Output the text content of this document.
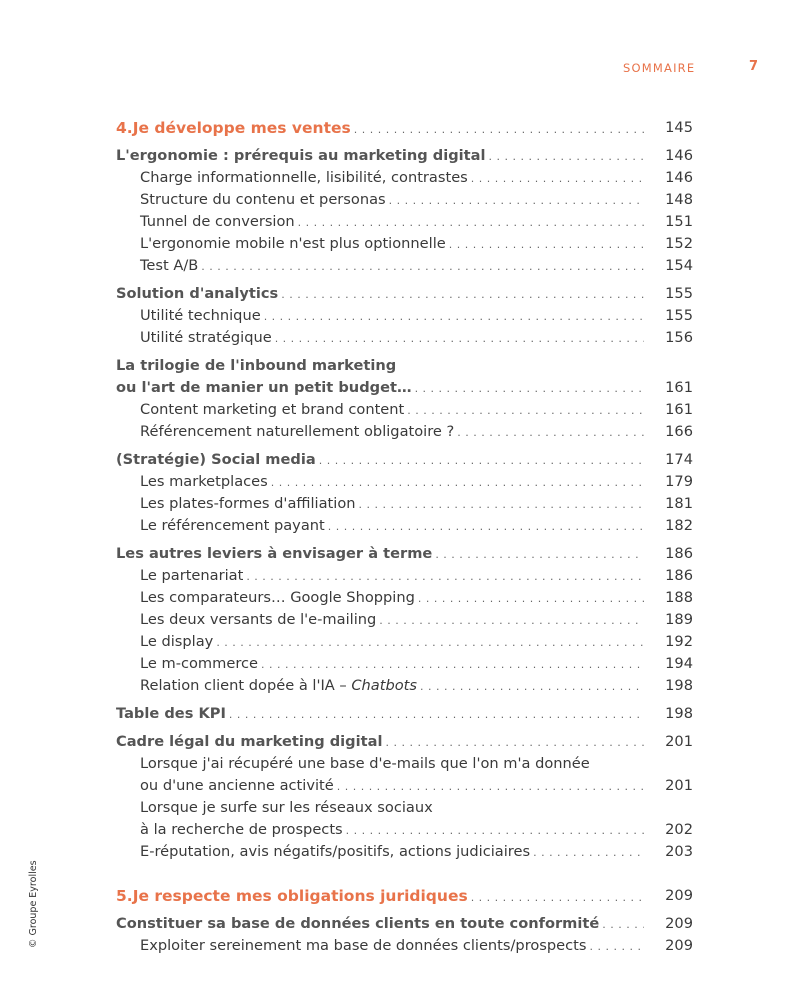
SOMMAIRE	7
4. Je développe mes ventes . . .	145
L'ergonomie : prérequis au marketing digital . . .	146
Charge informationnelle, lisibilité, contrastes . . .	146
Structure du contenu et personas . . .	148
Tunnel de conversion . . .	151
L'ergonomie mobile n'est plus optionnelle . . .	152
Test A/B . . .	154
Solution d'analytics . . .	155
Utilité technique . . .	155
Utilité stratégique . . .	156
La trilogie de l'inbound marketing
ou l'art de manier un petit budget… . . .	161
Content marketing et brand content . . .	161
Référencement naturellement obligatoire ? . . .	166
(Stratégie) Social media . . .	174
Les marketplaces . . .	179
Les plates-formes d'affiliation . . .	181
Le référencement payant . . .	182
Les autres leviers à envisager à terme . . .	186
Le partenariat . . .	186
Les comparateurs… Google Shopping . . .	188
Les deux versants de l'e-mailing . . .	189
Le display . . .	192
Le m-commerce . . .	194
Relation client dopée à l'IA – Chatbots . . .	198
Table des KPI . . .	198
Cadre légal du marketing digital . . .	201
Lorsque j'ai récupéré une base d'e-mails que l'on m'a donnée
ou d'une ancienne activité . . .	201
Lorsque je surfe sur les réseaux sociaux
à la recherche de prospects . . .	202
E-réputation, avis négatifs/positifs, actions judiciaires . . .	203
5. Je respecte mes obligations juridiques . . .	209
Constituer sa base de données clients en toute conformité . . .	209
Exploiter sereinement ma base de données clients/prospects . . .	209
© Groupe Eyrolles
